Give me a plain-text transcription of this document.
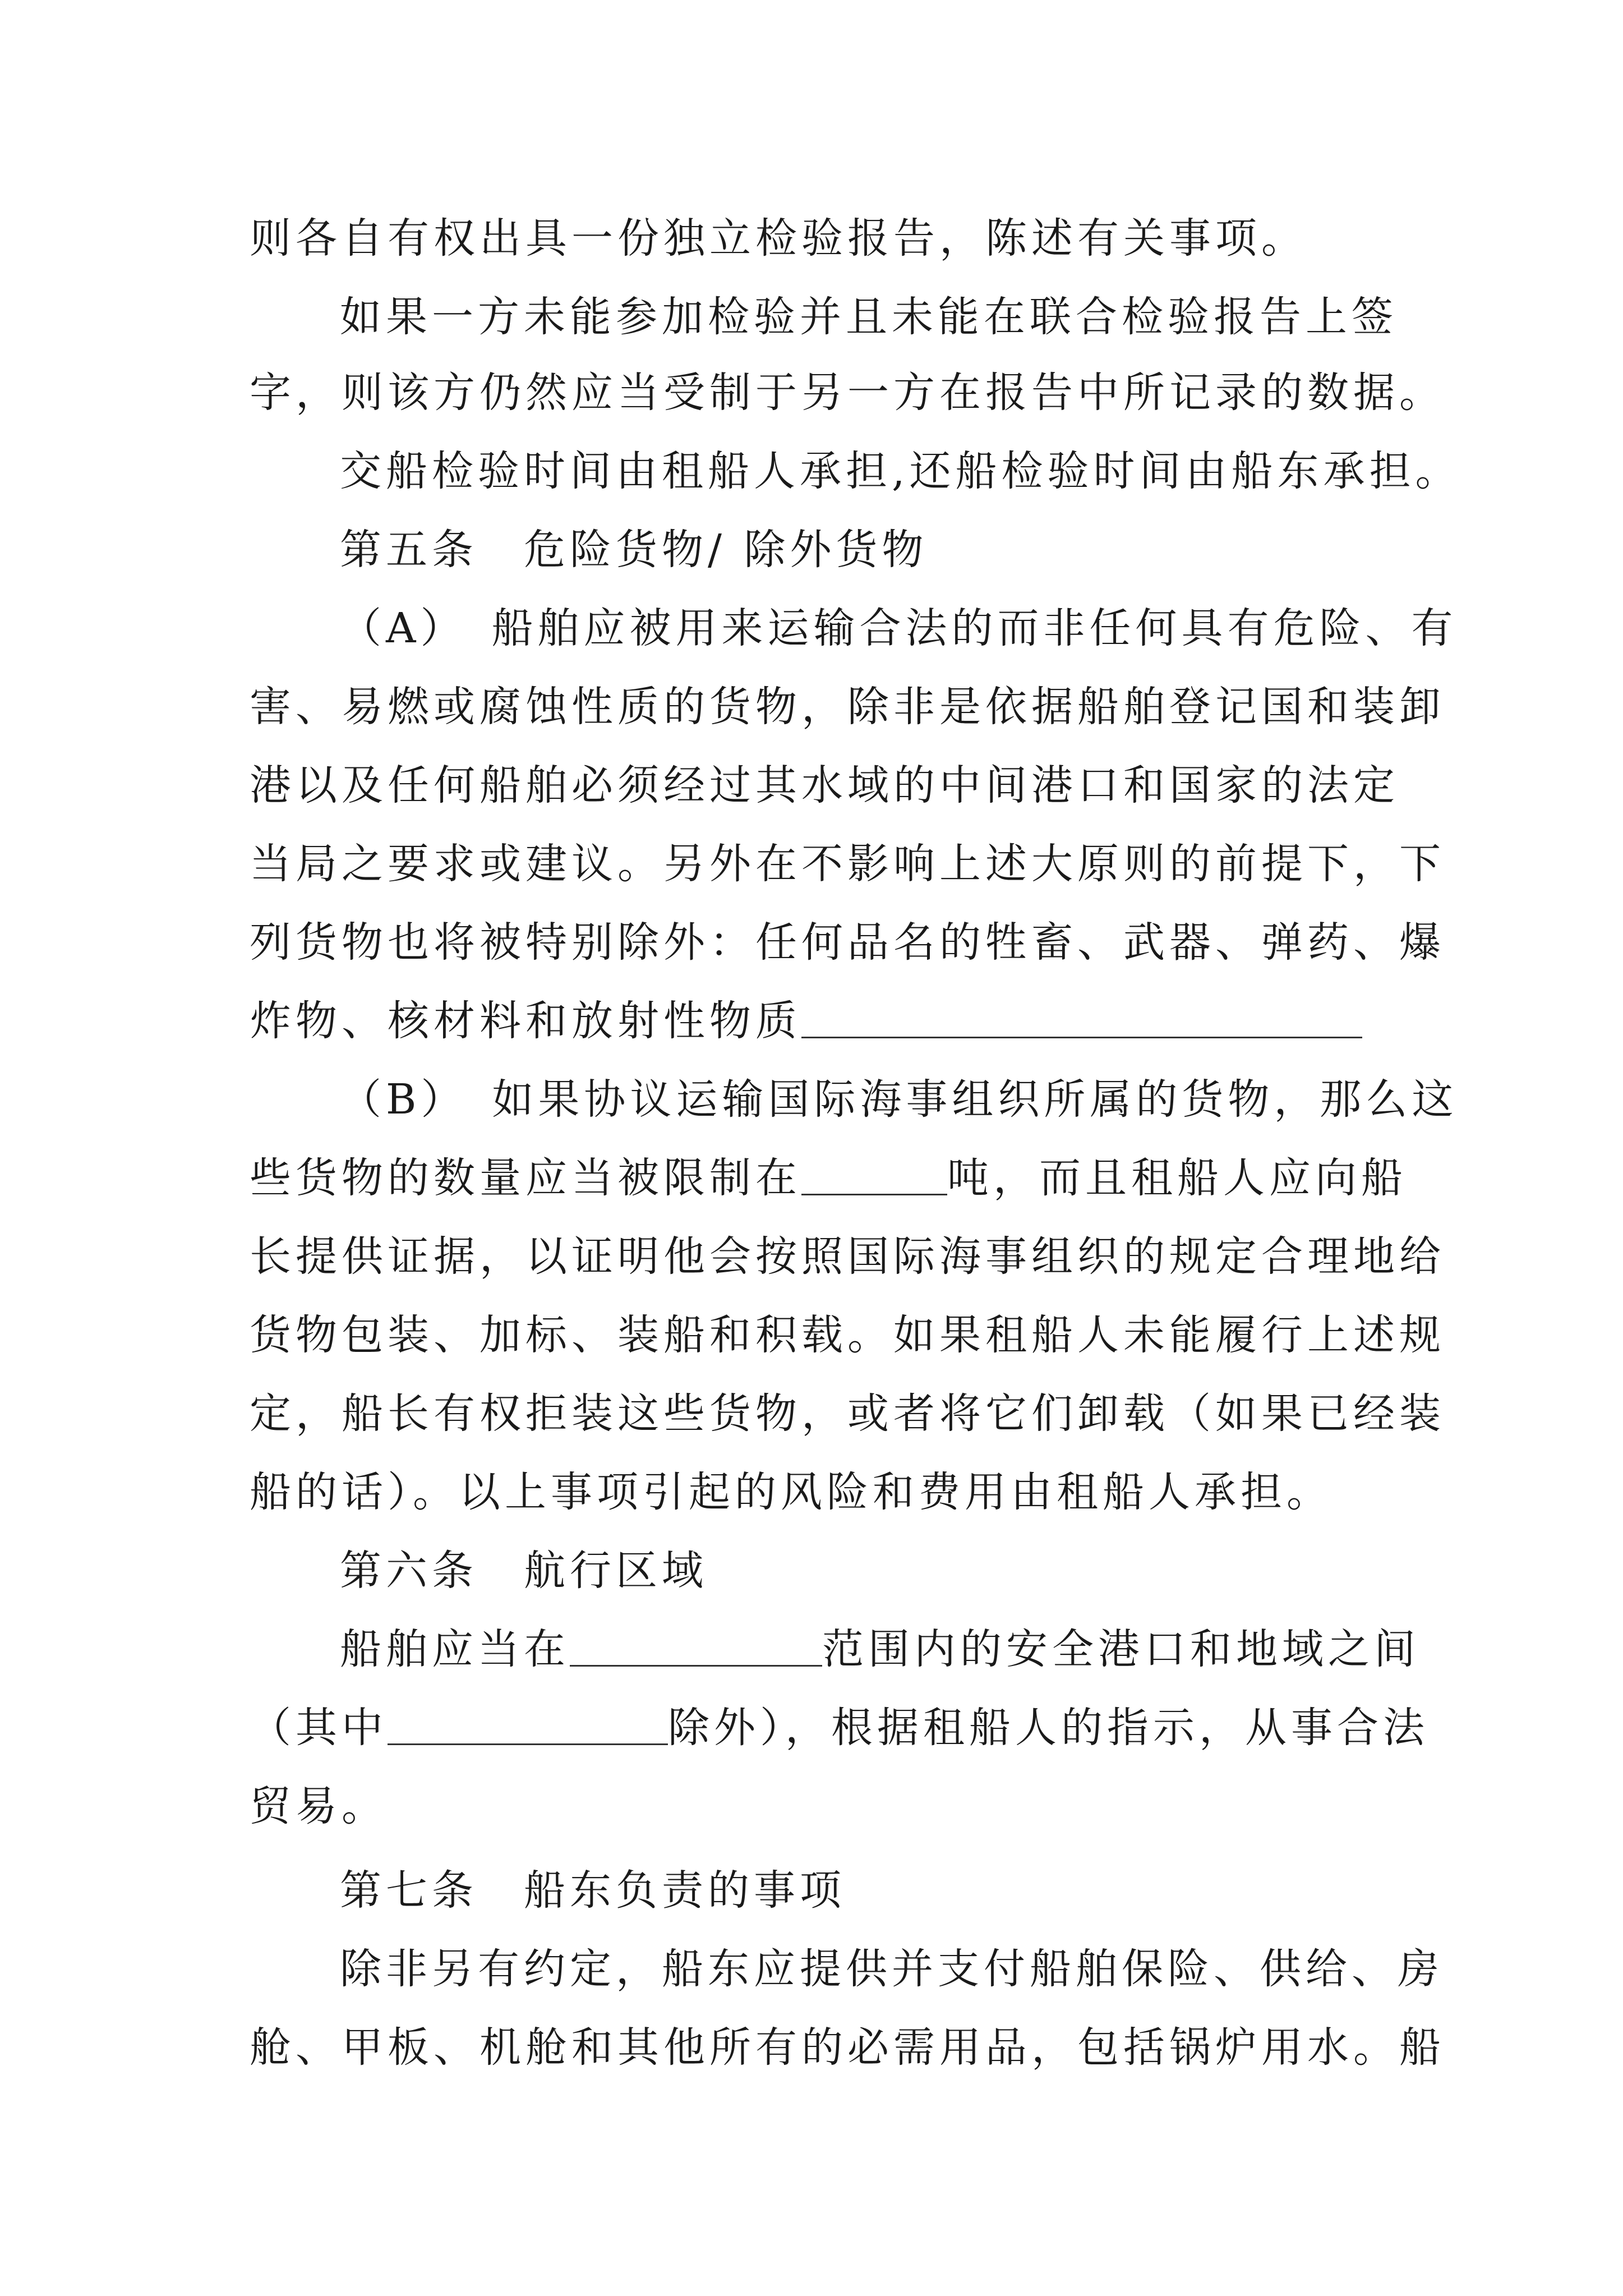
则各自有权出具一份独立检验报告，陈述有关事项。
如果一方未能参加检验并且未能在联合检验报告上签
字，则该方仍然应当受制于另一方在报告中所记录的数据。
交船检验时间由租船人承担,还船检验时间由船东承担。
第五条　危险货物/ 除外货物
（A）　船舶应被用来运输合法的而非任何具有危险、有
害、易燃或腐蚀性质的货物，除非是依据船舶登记国和装卸
港以及任何船舶必须经过其水域的中间港口和国家的法定
当局之要求或建议。另外在不影响上述大原则的前提下，下
列货物也将被特别除外：任何品名的牲畜、武器、弹药、爆
炸物、核材料和放射性物质
（B）　如果协议运输国际海事组织所属的货物，那么这
些货物的数量应当被限制在	吨，而且租船人应向船
长提供证据，以证明他会按照国际海事组织的规定合理地给
货物包装、加标、装船和积载。如果租船人未能履行上述规
定，船长有权拒装这些货物，或者将它们卸载（如果已经装
船的话）。以上事项引起的风险和费用由租船人承担。
第六条　航行区域
船舶应当在	范围内的安全港口和地域之间
（其中	除外），根据租船人的指示，从事合法
贸易。
第七条　船东负责的事项
除非另有约定，船东应提供并支付船舶保险、供给、房
舱、甲板、机舱和其他所有的必需用品，包括锅炉用水。船
